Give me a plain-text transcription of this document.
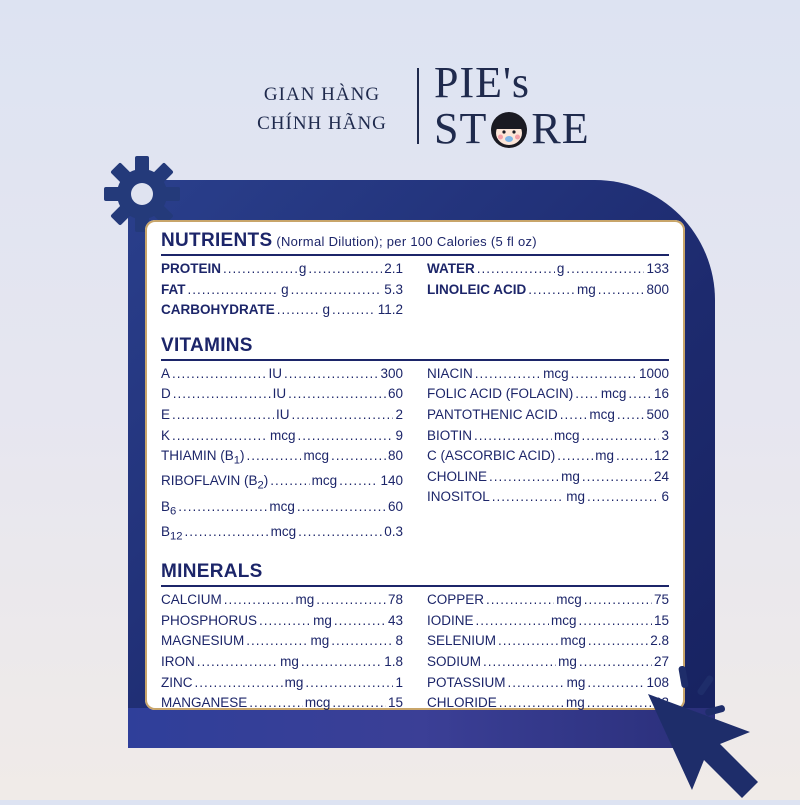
GIAN HÀNG
CHÍNH HÃNG
PIE's
ST RE
NUTRIENTS (Normal Dilution); per 100 Calories (5 fl oz)
PROTEIN .....	g .....	2.1
FAT .....	g .....	5.3
CARBOHYDRATE .....	g .....	11.2
WATER .....	g .....	133
LINOLEIC ACID .....	mg .....	800
VITAMINS
A .....	IU .....	300
D .....	IU .....	60
E .....	IU .....	2
K .....	mcg .....	9
THIAMIN $(B_1)$ .....	mcg .....	80
RIBOFLAVIN $(B_2)$ .....	mcg .....	140
$B_6$ .....	mcg .....	60
$B_{12}$ .....	mcg .....	0.3
NIACIN .....	mcg .....	1000
FOLIC ACID (FOLACIN) ..... mcg ..... 16
PANTOTHENIC ACID ..... mcg ..... 500
BIOTIN .....	mcg .....	3
C (ASCORBIC ACID) .....	mg .....	12
CHOLINE .....	mg .....	24
INOSITOL .....	mg .....	6
MINERALS
CALCIUM .....	mg .....	78
PHOSPHORUS .....	mg .....	43
MAGNESIUM .....	mg .....	8
IRON .....	mg .....	1.8
ZINC .....	mg .....	1
MANGANESE .....	mcg .....	15
COPPER .....	mcg .....	75
IODINE .....	mcg .....	15
SELENIUM .....	mcg .....	2.8
SODIUM .....	mg .....	27
POTASSIUM .....	mg .....	108
CHLORIDE .....	mg
.....
